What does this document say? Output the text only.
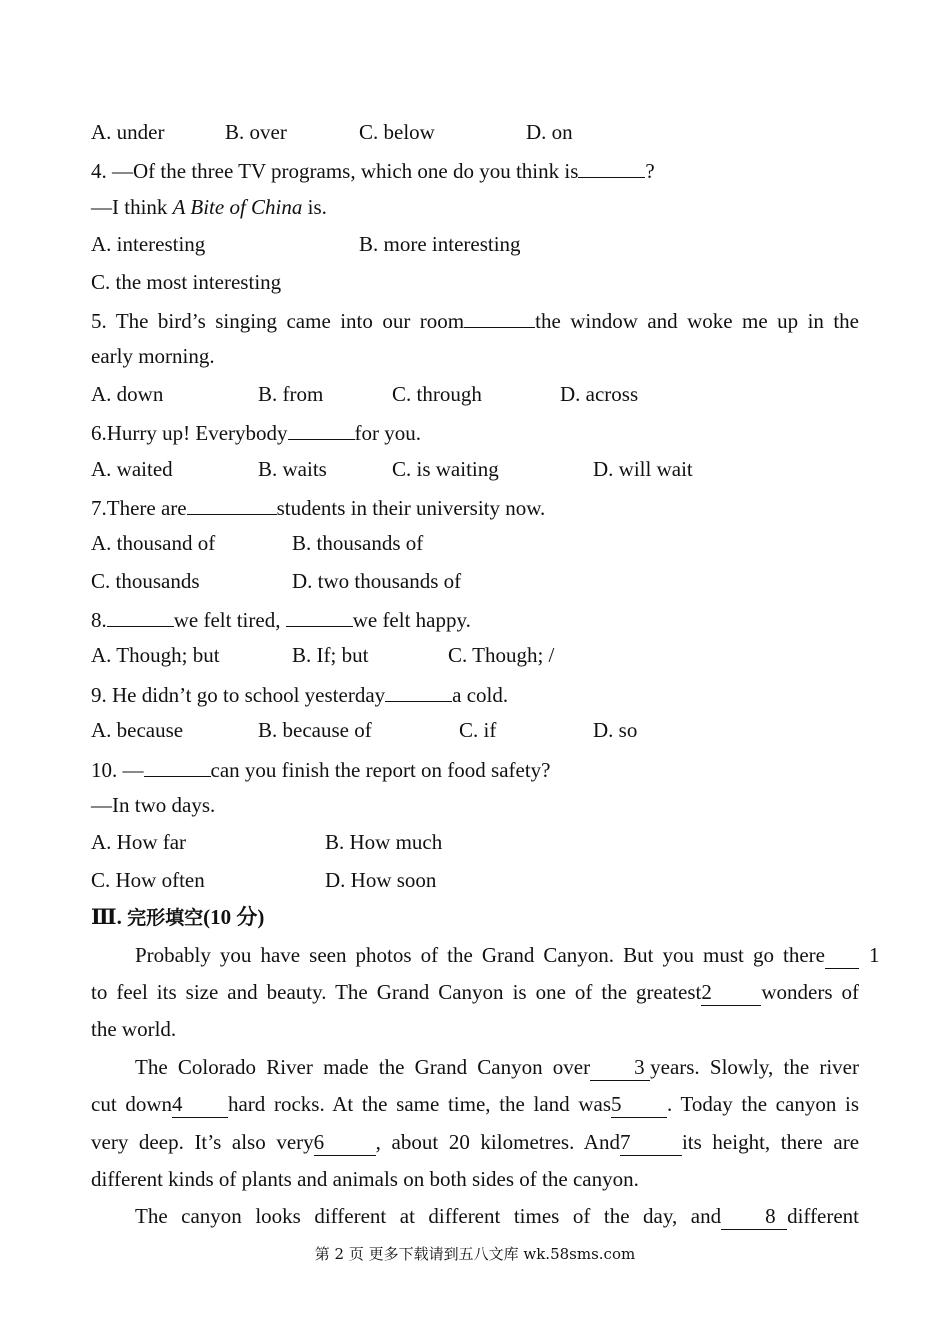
A. under	B. over	C. below	D. on
4. —Of the three TV programs, which one do you think is	?
—I think A Bite of China is.
A. interesting	B. more interesting
C. the most interesting
5. The bird’s singing came into our room	the window and woke me up in the
early morning.
A. down	B. from	C. through	D. across
6.Hurry up! Everybody	for you.
A. waited	B. waits	C. is waiting	D. will wait
7.There are	students in their university now.
A. thousand of	B. thousands of
C. thousands	D. two thousands of
8.	we felt tired,	we felt happy.
A. Though; but	B. If; but	C. Though; /
9. He didn’t go to school yesterday	a cold.
A. because	B. because of	C. if	D. so
10. —	can you finish the report on food safety?
—In two days.
A. How far	B. How much
C. How often	D. How soon
Ⅲ. 完形填空(10 分)
Probably you have seen photos of the Grand Canyon. But you must go there 1
to feel its size and beauty. The Grand Canyon is one of the greatest2 wonders of
the world.
The Colorado River made the Grand Canyon over 3 years. Slowly, the river
cut down4 hard rocks. At the same time, the land was5 . Today the canyon is
very deep. It’s also very6 , about 20 kilometres. And7 its height, there are
different kinds of plants and animals on both sides of the canyon.
The canyon looks different at different times of the day, and 8 different
第 2 页 更多下载请到五八文库 wk.58sms.com
